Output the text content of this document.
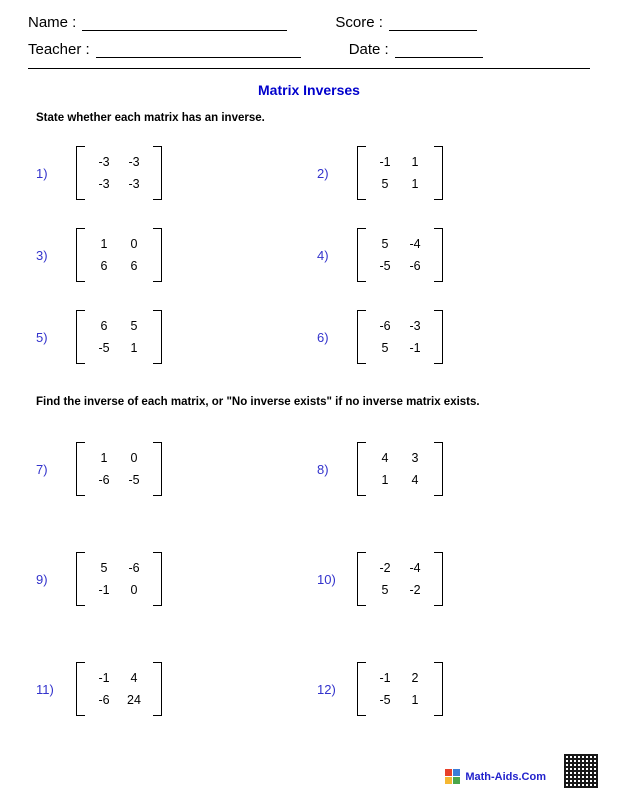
Name :	Score :
Teacher :	Date :
Matrix Inverses
State whether each matrix has an inverse.
1)
-3	-3
-3	-3
2)
-1	1
5	1
3)
1	0
6	6
4)
5	-4
-5	-6
5)
6	5
-5	1
6)
-6	-3
5	-1
Find the inverse of each matrix, or "No inverse exists" if no inverse matrix exists.
7)
1	0
-6	-5
8)
4	3
1	4
9)
5	-6
-1	0
10)
-2	-4
5	-2
11)
-1	4
-6	24
12)
-1	2
-5	1
Math-Aids.Com
